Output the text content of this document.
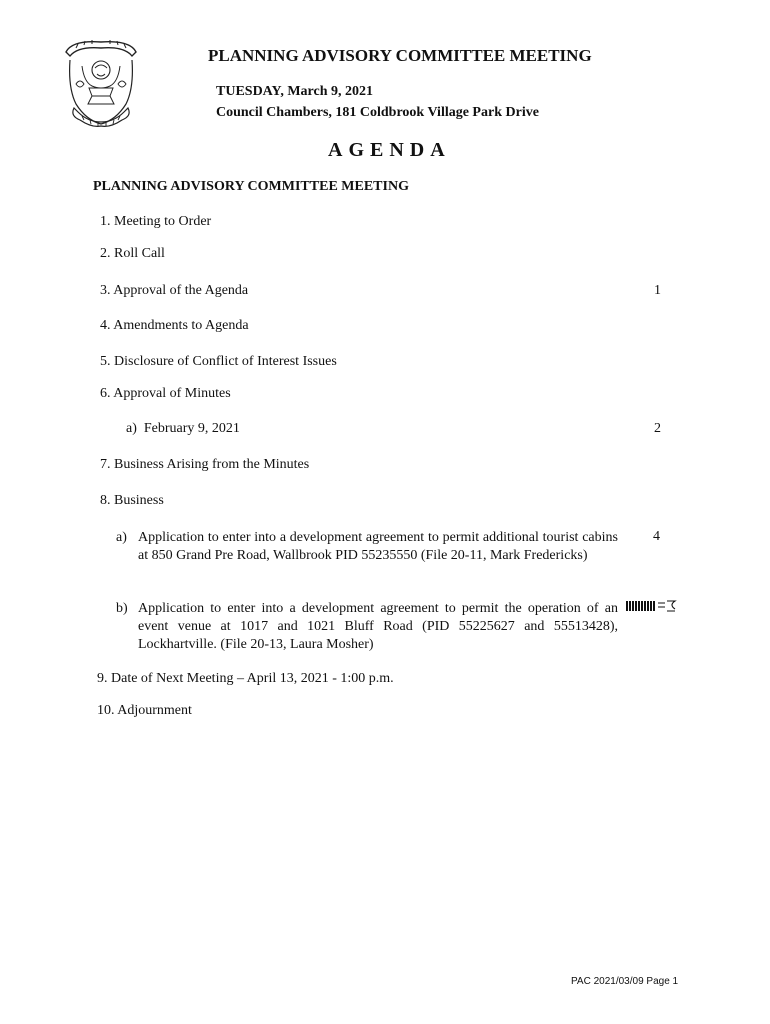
PLANNING ADVISORY COMMITTEE MEETING
TUESDAY, March 9, 2021
Council Chambers, 181 Coldbrook Village Park Drive
AGENDA
PLANNING ADVISORY COMMITTEE MEETING
1. Meeting to Order
2. Roll Call
3. Approval of the Agenda	1
4. Amendments to Agenda
5. Disclosure of Conflict of Interest Issues
6. Approval of Minutes
a) February 9, 2021	2
7. Business Arising from the Minutes
8. Business
a) Application to enter into a development agreement to permit additional tourist cabins at 850 Grand Pre Road, Wallbrook PID 55235550 (File 20-11, Mark Fredericks)
4
b) Application to enter into a development agreement to permit the operation of an event venue at 1017 and 1021 Bluff Road (PID 55225627 and 55513428), Lockhartville. (File 20-13, Laura Mosher)
9. Date of Next Meeting – April 13, 2021 - 1:00 p.m.
10. Adjournment
PAC 2021/03/09 Page 1
